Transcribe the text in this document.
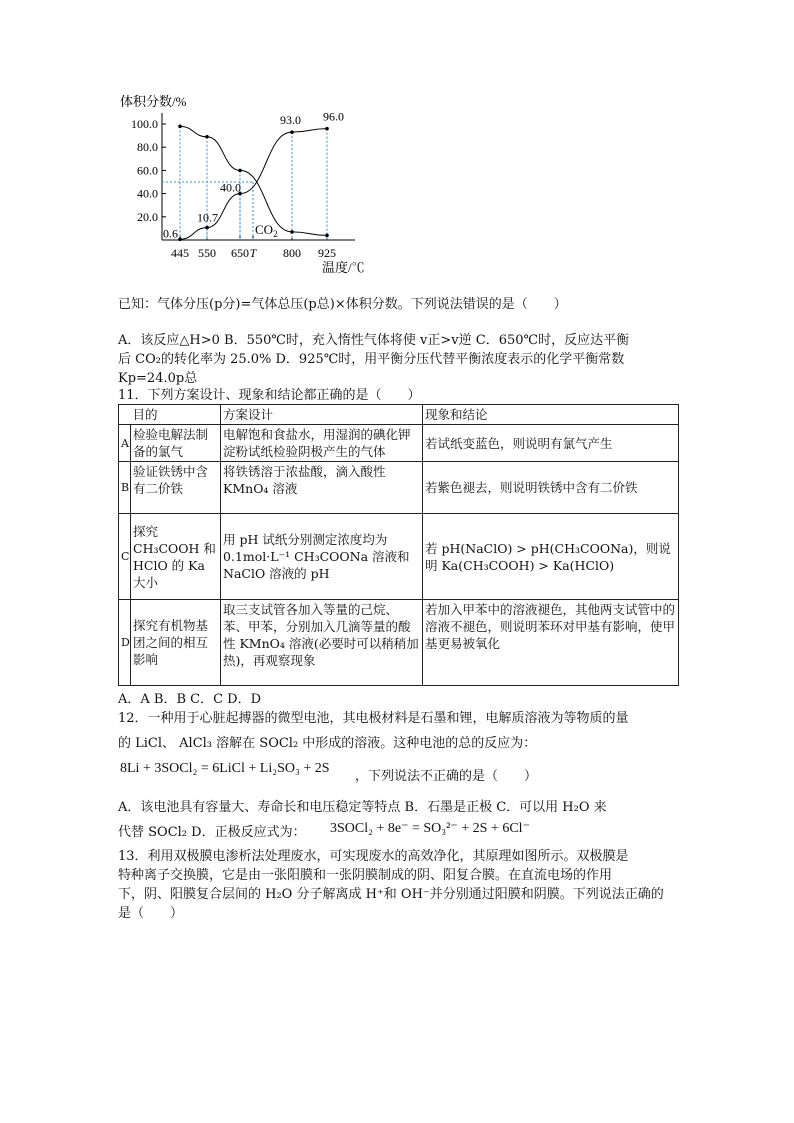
体积分数/%
100.0
80.0
60.0
40.0
20.0
445 550 650 T 800 925
0.6
10.7
40.0
93.0 96.0
$CO_2$
温度/℃
已知：气体分压(p分)=气体总压(p总)×体积分数。下列说法错误的是（　　）
A．该反应△H>0 B．550℃时，充入惰性气体将使 v正>v逆 C．650℃时，反应达平衡
后 CO₂的转化率为 25.0% D．925℃时，用平衡分压代替平衡浓度表示的化学平衡常数
Kp=24.0p总
11．下列方案设计、现象和结论都正确的是（　　）
	目的	方案设计	现象和结论
A	检验电解法制备的氯气	电解饱和食盐水，用湿润的碘化钾淀粉试纸检验阴极产生的气体	若试纸变蓝色，则说明有氯气产生
B	验证铁锈中含有二价铁	将铁锈溶于浓盐酸，滴入酸性 KMnO₄ 溶液	若紫色褪去，则说明铁锈中含有二价铁
C	探究 CH₃COOH 和 HClO 的 Ka 大小	用 pH 试纸分别测定浓度均为 0.1mol·L⁻¹ CH₃COONa 溶液和 NaClO 溶液的 pH	若 pH(NaClO) > pH(CH₃COONa)，则说明 Ka(CH₃COOH) > Ka(HClO)
D	探究有机物基团之间的相互影响	取三支试管各加入等量的己烷、苯、甲苯，分别加入几滴等量的酸性 KMnO₄ 溶液(必要时可以稍稍加热)，再观察现象	若加入甲苯中的溶液褪色，其他两支试管中的溶液不褪色，则说明苯环对甲基有影响，使甲基更易被氧化
A．A B．B C．C D．D
12．一种用于心脏起搏器的微型电池，其电极材料是石墨和锂，电解质溶液为等物质的量
的 LiCl、 AlCl₃ 溶解在 SOCl₂ 中形成的溶液。这种电池的总的反应为：
8Li + 3SOCl₂ = 6LiCl + Li₂SO₃ + 2S
，下列说法不正确的是（　　）
A．该电池具有容量大、寿命长和电压稳定等特点 B．石墨是正极 C．可以用 H₂O 来
代替 SOCl₂ D．正极反应式为： 3SOCl₂ + 8e⁻ = SO₃²⁻ + 2S + 6Cl⁻
13．利用双极膜电渗析法处理废水，可实现废水的高效净化，其原理如图所示。双极膜是
特种离子交换膜，它是由一张阳膜和一张阴膜制成的阴、阳复合膜。在直流电场的作用
下，阴、阳膜复合层间的 H₂O 分子解离成 H⁺和 OH⁻并分别通过阳膜和阴膜。下列说法正确的
是（　　）
